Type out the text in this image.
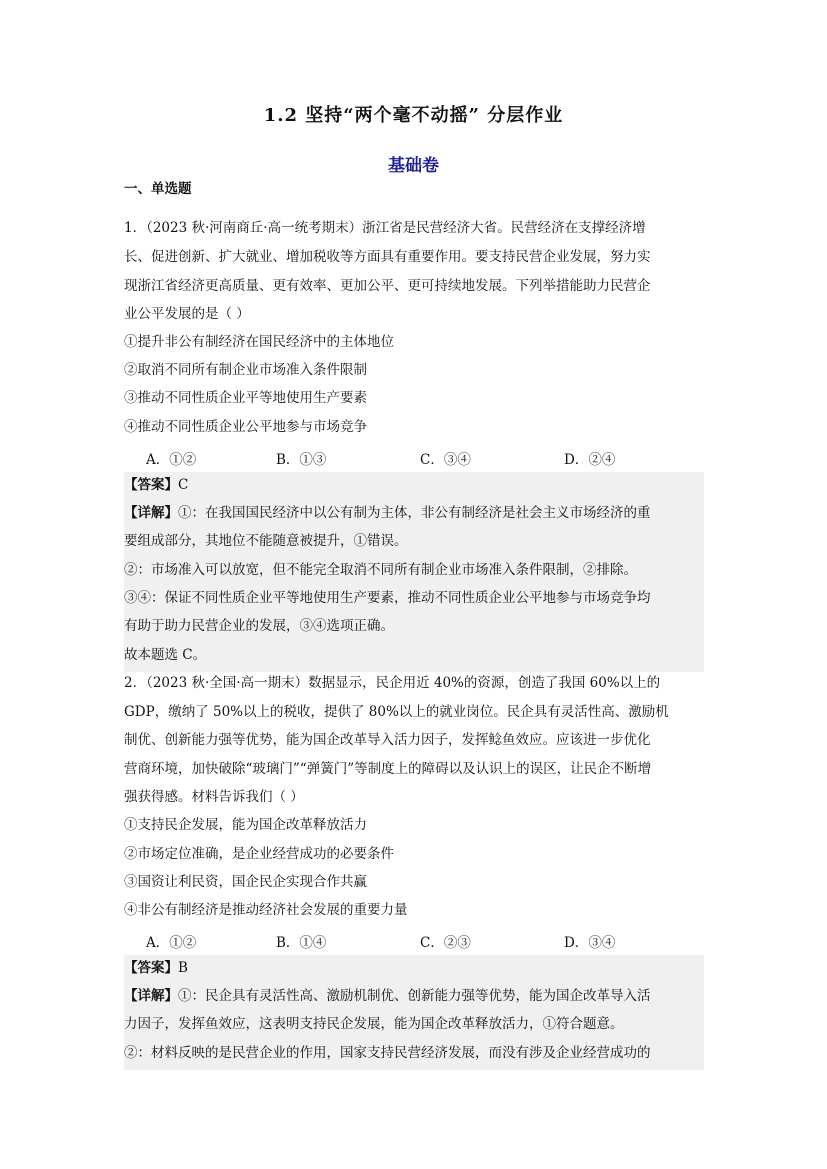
1.2 坚持“两个毫不动摇” 分层作业
基础卷
一、单选题
1．（2023 秋·河南商丘·高一统考期末）浙江省是民营经济大省。民营经济在支撑经济增
长、促进创新、扩大就业、增加税收等方面具有重要作用。要支持民营企业发展，努力实
现浙江省经济更高质量、更有效率、更加公平、更可持续地发展。下列举措能助力民营企
业公平发展的是（ ）
①提升非公有制经济在国民经济中的主体地位
②取消不同所有制企业市场准入条件限制
③推动不同性质企业平等地使用生产要素
④推动不同性质企业公平地参与市场竞争
A．①②	B．①③	C．③④	D．②④
【答案】C
【详解】①：在我国国民经济中以公有制为主体，非公有制经济是社会主义市场经济的重
要组成部分，其地位不能随意被提升，①错误。
②：市场准入可以放宽，但不能完全取消不同所有制企业市场准入条件限制，②排除。
③④：保证不同性质企业平等地使用生产要素，推动不同性质企业公平地参与市场竞争均
有助于助力民营企业的发展，③④选项正确。
故本题选 C。
2．（2023 秋·全国·高一期末）数据显示，民企用近 40%的资源，创造了我国 60%以上的
GDP，缴纳了 50%以上的税收，提供了 80%以上的就业岗位。民企具有灵活性高、激励机
制优、创新能力强等优势，能为国企改革导入活力因子，发挥鲶鱼效应。应该进一步优化
营商环境，加快破除“玻璃门”“弹簧门”等制度上的障碍以及认识上的误区，让民企不断增
强获得感。材料告诉我们（ ）
①支持民企发展，能为国企改革释放活力
②市场定位准确，是企业经营成功的必要条件
③国资让利民资，国企民企实现合作共赢
④非公有制经济是推动经济社会发展的重要力量
A．①②	B．①④	C．②③	D．③④
【答案】B
【详解】①：民企具有灵活性高、激励机制优、创新能力强等优势，能为国企改革导入活
力因子，发挥鱼效应，这表明支持民企发展，能为国企改革释放活力，①符合题意。
②：材料反映的是民营企业的作用，国家支持民营经济发展，而没有涉及企业经营成功的
